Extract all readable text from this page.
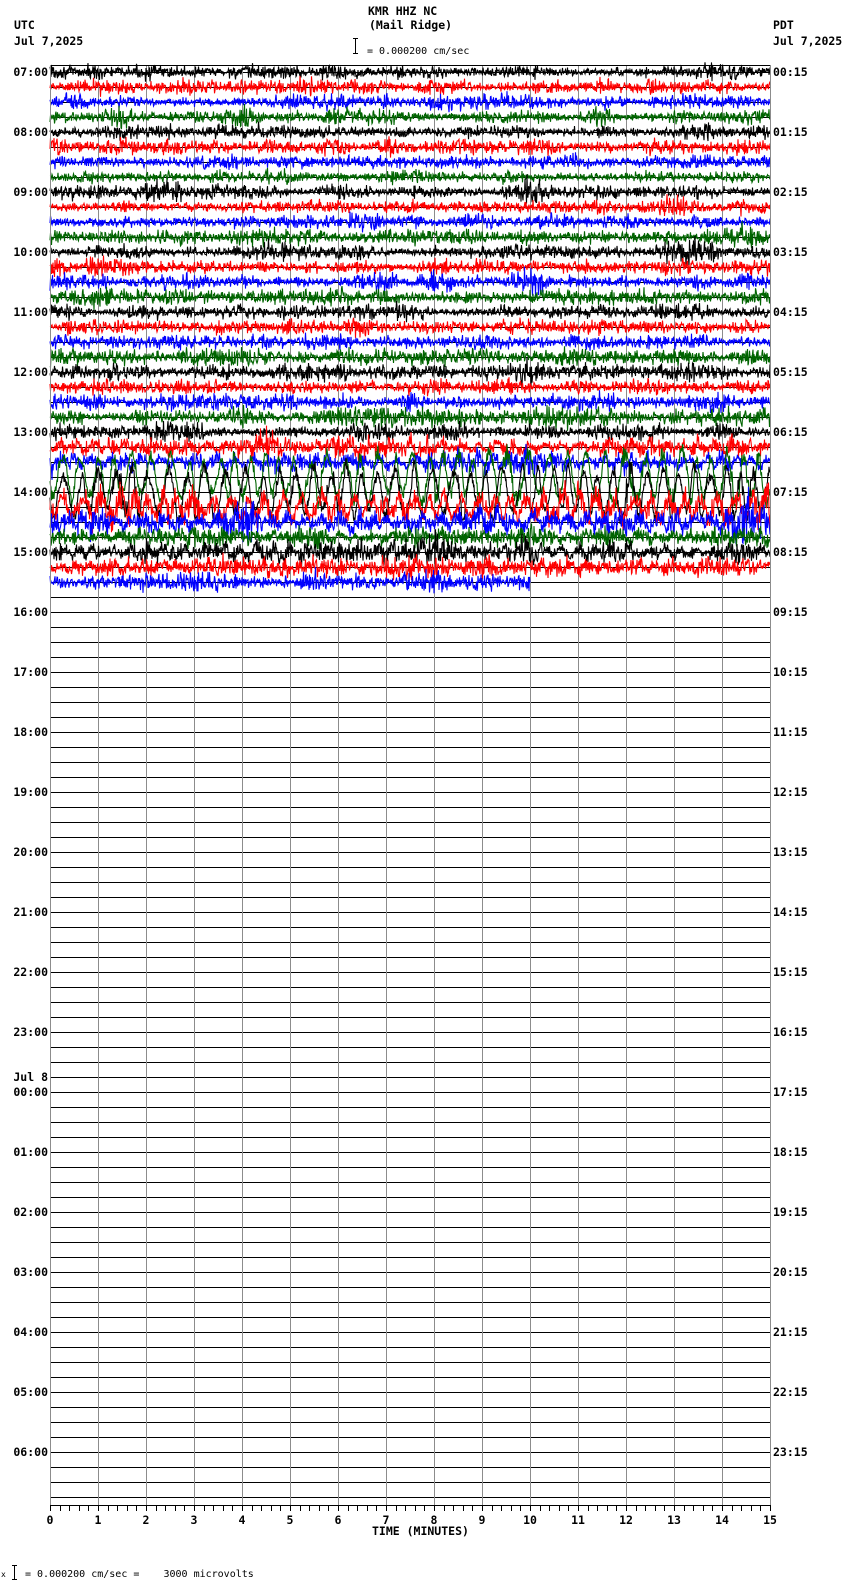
KMR HHZ NC
(Mail Ridge)
UTC
Jul 7,2025
PDT
Jul 7,2025
= 0.000200 cm/sec
07:00
08:00
09:00
10:00
11:00
12:00
13:00
14:00
15:00
16:00
17:00
18:00
19:00
20:00
21:00
22:00
23:00
00:00
Jul 8
01:00
02:00
03:00
04:00
05:00
06:00
00:15
01:15
02:15
03:15
04:15
05:15
06:15
07:15
08:15
09:15
10:15
11:15
12:15
13:15
14:15
15:15
16:15
17:15
18:15
19:15
20:15
21:15
22:15
23:15
TIME (MINUTES)
0	1	2	3	4	5	6	7	8	9	10	11	12	13	14	15
x = 0.000200 cm/sec =    3000 microvolts
